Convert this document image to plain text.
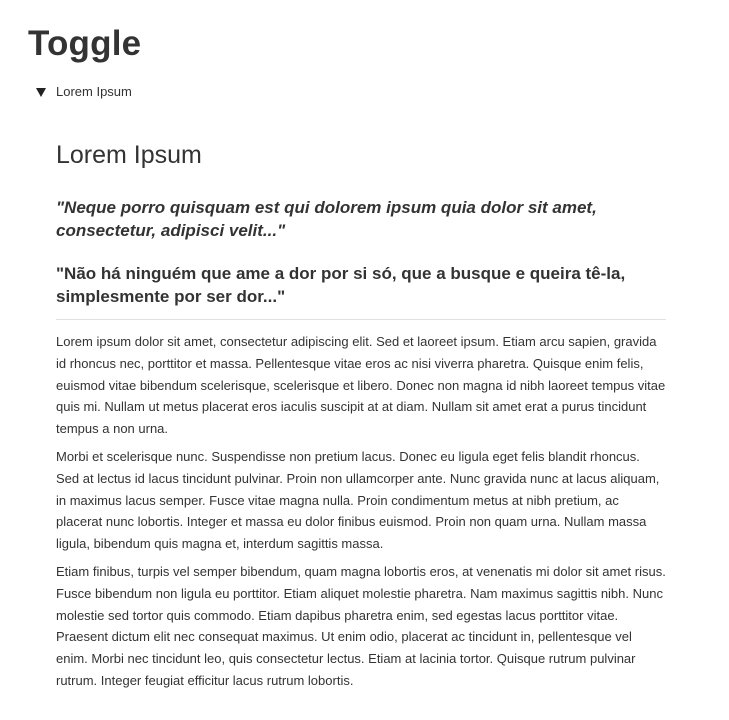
Toggle
Lorem Ipsum
Lorem Ipsum

"Neque porro quisquam est qui dolorem ipsum quia dolor sit amet, consectetur, adipisci velit..."

"Não há ninguém que ame a dor por si só, que a busque e queira tê-la, simplesmente por ser dor..."

Lorem ipsum dolor sit amet, consectetur adipiscing elit. Sed et laoreet ipsum. Etiam arcu sapien, gravida id rhoncus nec, porttitor et massa. Pellentesque vitae eros ac nisi viverra pharetra. Quisque enim felis, euismod vitae bibendum scelerisque, scelerisque et libero. Donec non magna id nibh laoreet tempus vitae quis mi. Nullam ut metus placerat eros iaculis suscipit at at diam. Nullam sit amet erat a purus tincidunt tempus a non urna.

Morbi et scelerisque nunc. Suspendisse non pretium lacus. Donec eu ligula eget felis blandit rhoncus. Sed at lectus id lacus tincidunt pulvinar. Proin non ullamcorper ante. Nunc gravida nunc at lacus aliquam, in maximus lacus semper. Fusce vitae magna nulla. Proin condimentum metus at nibh pretium, ac placerat nunc lobortis. Integer et massa eu dolor finibus euismod. Proin non quam urna. Nullam massa ligula, bibendum quis magna et, interdum sagittis massa.

Etiam finibus, turpis vel semper bibendum, quam magna lobortis eros, at venenatis mi dolor sit amet risus. Fusce bibendum non ligula eu porttitor. Etiam aliquet molestie pharetra. Nam maximus sagittis nibh. Nunc molestie sed tortor quis commodo. Etiam dapibus pharetra enim, sed egestas lacus porttitor vitae. Praesent dictum elit nec consequat maximus. Ut enim odio, placerat ac tincidunt in, pellentesque vel enim. Morbi nec tincidunt leo, quis consectetur lectus. Etiam at lacinia tortor. Quisque rutrum pulvinar rutrum. Integer feugiat efficitur lacus rutrum lobortis.
